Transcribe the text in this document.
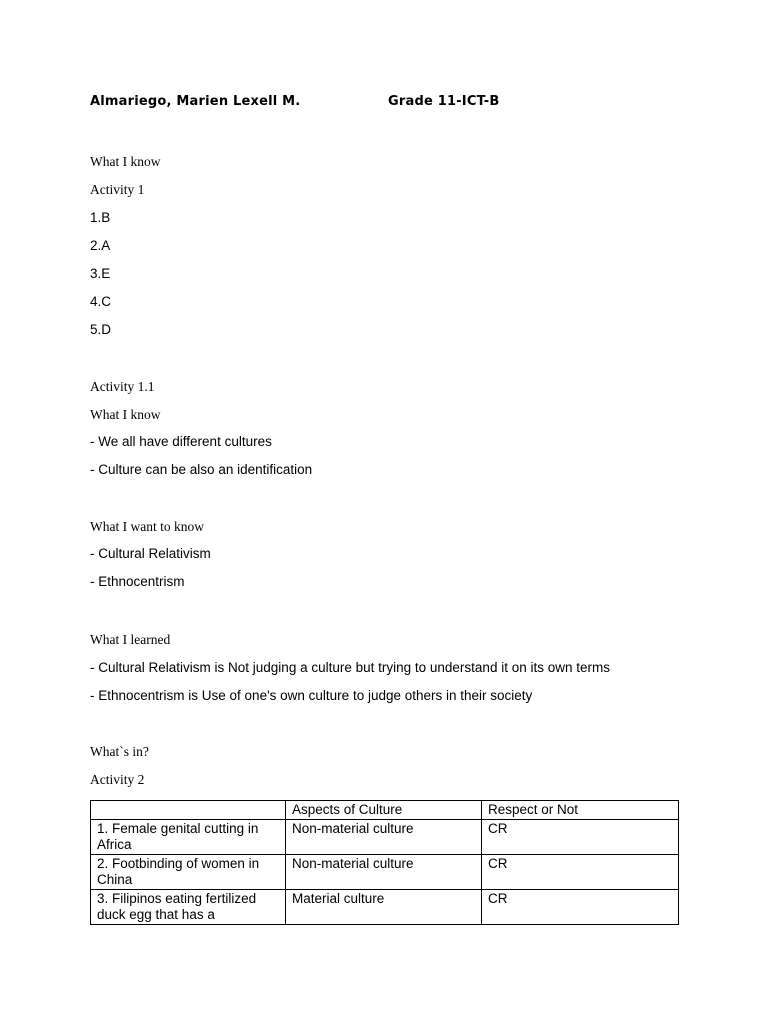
Almariego, Marien Lexell M.	Grade 11-ICT-B
What I know
Activity 1
1.B
2.A
3.E
4.C
5.D
Activity 1.1
What I know
- We all have different cultures
- Culture can be also an identification
What I want to know
- Cultural Relativism
- Ethnocentrism
What I learned
- Cultural Relativism is Not judging a culture but trying to understand it on its own terms
- Ethnocentrism is Use of one's own culture to judge others in their society
What`s in?
Activity 2
	Aspects of Culture	Respect or Not
1. Female genital cutting in Africa	Non-material culture	CR
2. Footbinding of women in China	Non-material culture	CR
3. Filipinos eating fertilized duck egg that has a	Material culture	CR
